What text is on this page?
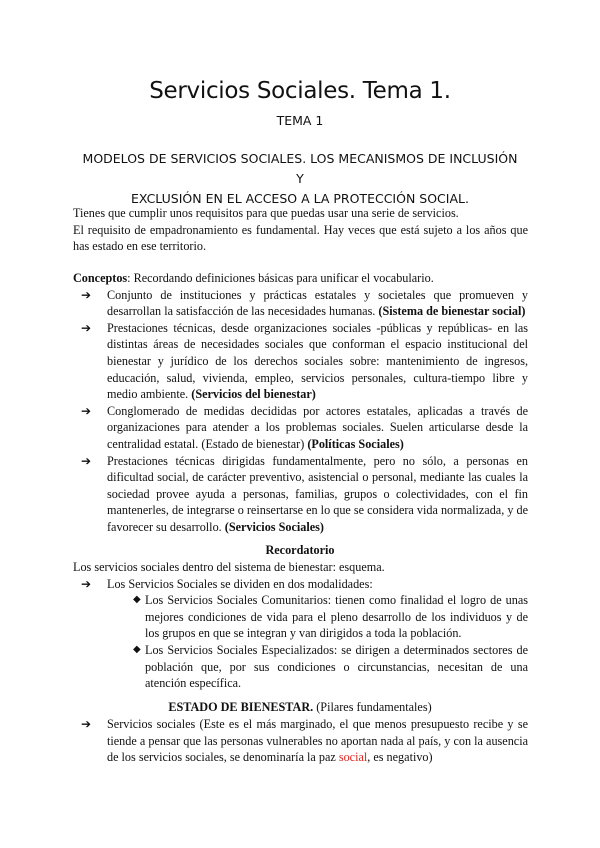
Servicios Sociales. Tema 1.
TEMA 1
MODELOS DE SERVICIOS SOCIALES. LOS MECANISMOS DE INCLUSIÓN Y
EXCLUSIÓN EN EL ACCESO A LA PROTECCIÓN SOCIAL.
Tienes que cumplir unos requisitos para que puedas usar una serie de servicios.
El requisito de empadronamiento es fundamental. Hay veces que está sujeto a los años que has estado en ese territorio.
Conceptos: Recordando definiciones básicas para unificar el vocabulario.
➔ Conjunto de instituciones y prácticas estatales y societales que promueven y desarrollan la satisfacción de las necesidades humanas. (Sistema de bienestar social)
➔ Prestaciones técnicas, desde organizaciones sociales -públicas y repúblicas- en las distintas áreas de necesidades sociales que conforman el espacio institucional del bienestar y jurídico de los derechos sociales sobre: mantenimiento de ingresos, educación, salud, vivienda, empleo, servicios personales, cultura-tiempo libre y medio ambiente. (Servicios del bienestar)
➔ Conglomerado de medidas decididas por actores estatales, aplicadas a través de organizaciones para atender a los problemas sociales. Suelen articularse desde la centralidad estatal. (Estado de bienestar) (Políticas Sociales)
➔ Prestaciones técnicas dirigidas fundamentalmente, pero no sólo, a personas en dificultad social, de carácter preventivo, asistencial o personal, mediante las cuales la sociedad provee ayuda a personas, familias, grupos o colectividades, con el fin mantenerles, de integrarse o reinsertarse en lo que se considera vida normalizada, y de favorecer su desarrollo. (Servicios Sociales)
Recordatorio
Los servicios sociales dentro del sistema de bienestar: esquema.
➔ Los Servicios Sociales se dividen en dos modalidades:
◆ Los Servicios Sociales Comunitarios: tienen como finalidad el logro de unas mejores condiciones de vida para el pleno desarrollo de los individuos y de los grupos en que se integran y van dirigidos a toda la población.
◆ Los Servicios Sociales Especializados: se dirigen a determinados sectores de población que, por sus condiciones o circunstancias, necesitan de una atención específica.
ESTADO DE BIENESTAR. (Pilares fundamentales)
➔ Servicios sociales (Este es el más marginado, el que menos presupuesto recibe y se tiende a pensar que las personas vulnerables no aportan nada al país, y con la ausencia de los servicios sociales, se denominaría la paz social, es negativo)
